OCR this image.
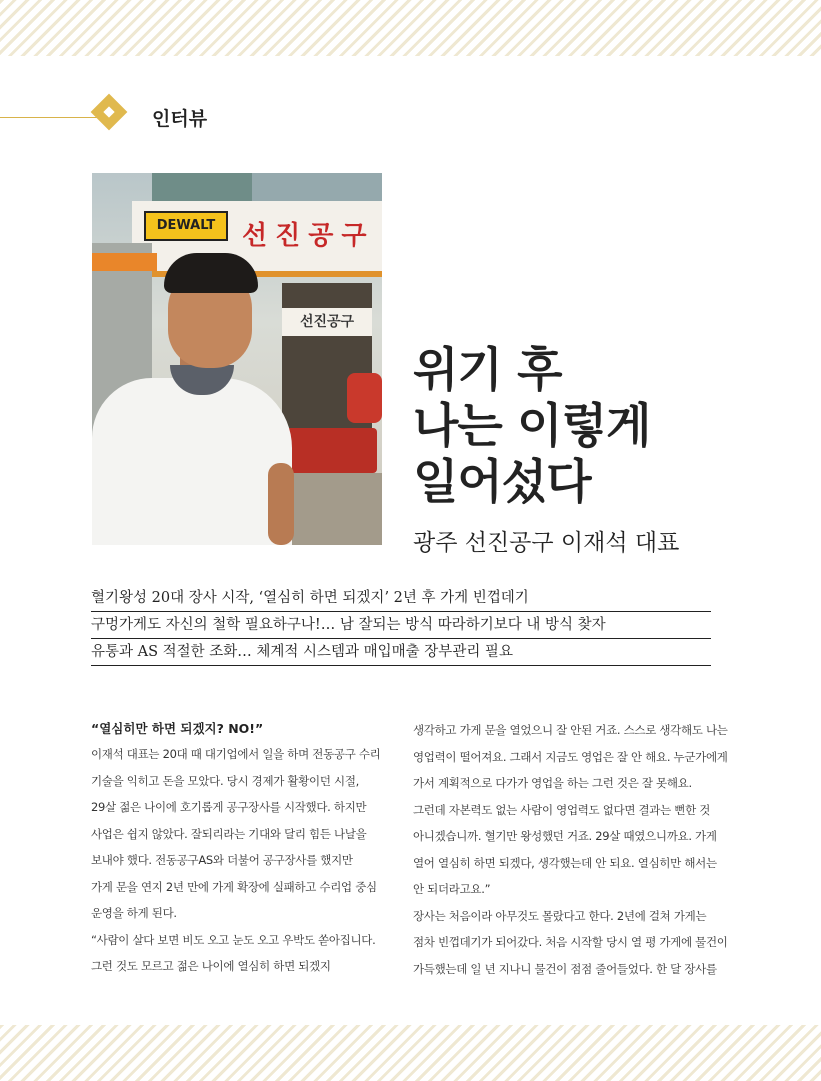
인터뷰
DEWALT	선진공구
선진공구
위기 후
나는 이렇게
일어섰다
광주 선진공구 이재석 대표
혈기왕성 20대 장사 시작, ‘열심히 하면 되겠지’ 2년 후 가게 빈껍데기
구멍가게도 자신의 철학 필요하구나!… 남 잘되는 방식 따라하기보다 내 방식 찾자
유통과 AS 적절한 조화… 체계적 시스템과 매입매출 장부관리 필요
“열심히만 하면 되겠지? NO!”
이재석 대표는 20대 때 대기업에서 일을 하며 전동공구 수리
기술을 익히고 돈을 모았다. 당시 경제가 활황이던 시절,
29살 젊은 나이에 호기롭게 공구장사를 시작했다. 하지만
사업은 쉽지 않았다. 잘되리라는 기대와 달리 힘든 나날을
보내야 했다. 전동공구AS와 더불어 공구장사를 했지만
가게 문을 연지 2년 만에 가게 확장에 실패하고 수리업 중심
운영을 하게 된다.
“사람이 살다 보면 비도 오고 눈도 오고 우박도 쏟아집니다.
그런 것도 모르고 젊은 나이에 열심히 하면 되겠지
생각하고 가게 문을 열었으니 잘 안된 거죠. 스스로 생각해도 나는
영업력이 떨어져요. 그래서 지금도 영업은 잘 안 해요. 누군가에게
가서 계획적으로 다가가 영업을 하는 그런 것은 잘 못해요.
그런데 자본력도 없는 사람이 영업력도 없다면 결과는 뻔한 것
아니겠습니까. 혈기만 왕성했던 거죠. 29살 때였으니까요. 가게
열어 열심히 하면 되겠다, 생각했는데 안 되요. 열심히만 해서는
안 되더라고요.”
장사는 처음이라 아무것도 몰랐다고 한다. 2년에 걸쳐 가게는
점차 빈껍데기가 되어갔다. 처음 시작할 당시 열 평 가게에 물건이
가득했는데 일 년 지나니 물건이 점점 줄어들었다. 한 달 장사를
